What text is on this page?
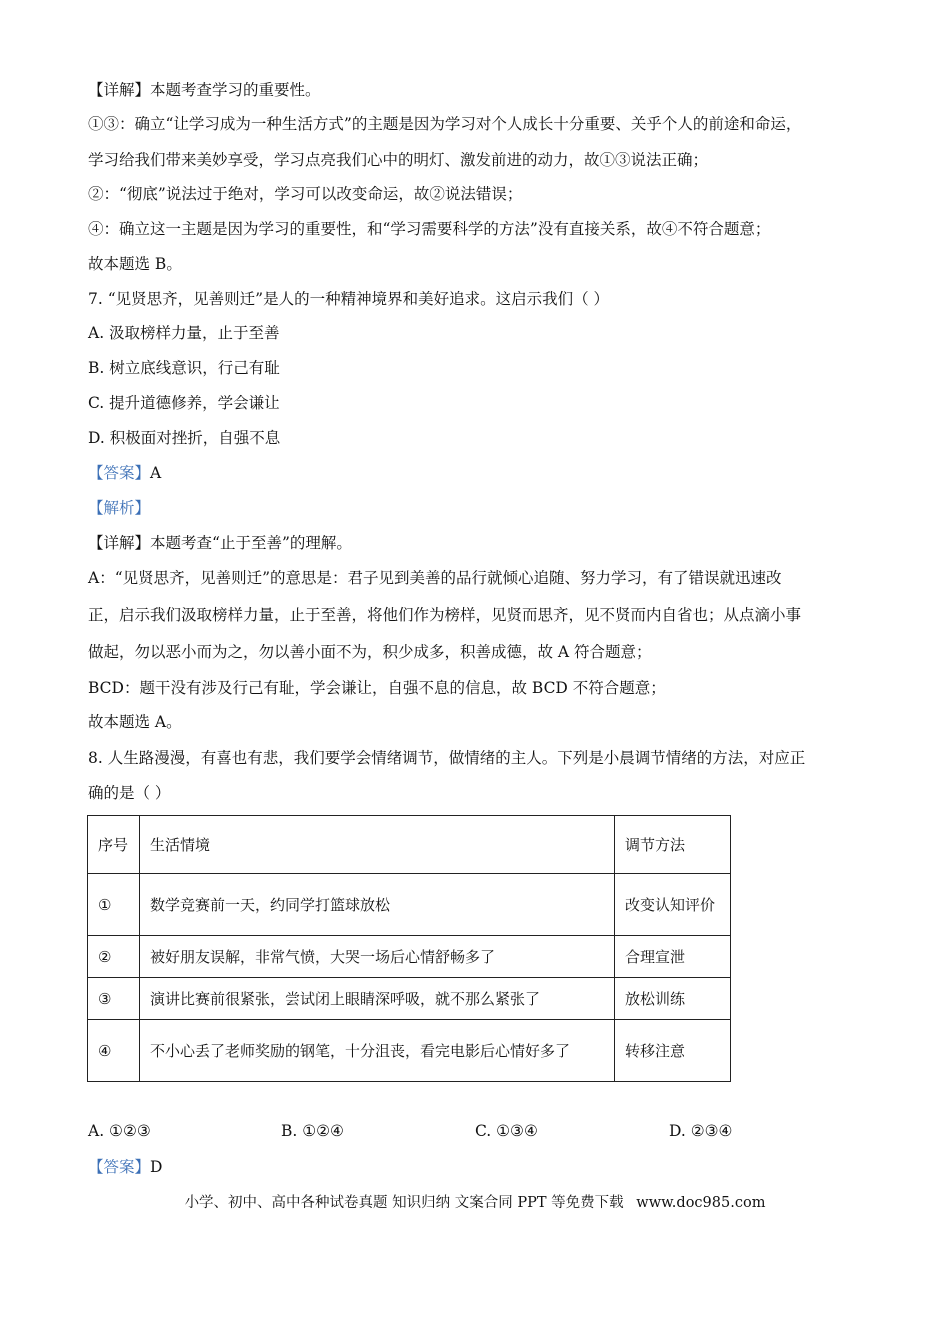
【详解】本题考查学习的重要性。
①③：确立“让学习成为一种生活方式”的主题是因为学习对个人成长十分重要、关乎个人的前途和命运，
学习给我们带来美妙享受，学习点亮我们心中的明灯、激发前进的动力，故①③说法正确；
②：“彻底”说法过于绝对，学习可以改变命运，故②说法错误；
④：确立这一主题是因为学习的重要性，和“学习需要科学的方法”没有直接关系，故④不符合题意；
故本题选 B。
7. “见贤思齐，见善则迁”是人的一种精神境界和美好追求。这启示我们（ ）
A. 汲取榜样力量，止于至善
B. 树立底线意识，行己有耻
C. 提升道德修养，学会谦让
D. 积极面对挫折，自强不息
【答案】A
【解析】
【详解】本题考查“止于至善”的理解。
A：“见贤思齐，见善则迁”的意思是：君子见到美善的品行就倾心追随、努力学习，有了错误就迅速改
正，启示我们汲取榜样力量，止于至善，将他们作为榜样，见贤而思齐，见不贤而内自省也；从点滴小事
做起，勿以恶小而为之，勿以善小面不为，积少成多，积善成德，故 A 符合题意；
BCD：题干没有涉及行己有耻，学会谦让，自强不息的信息，故 BCD 不符合题意；
故本题选 A。
8. 人生路漫漫，有喜也有悲，我们要学会情绪调节，做情绪的主人。下列是小晨调节情绪的方法，对应正
确的是（ ）
序号	生活情境	调节方法
①	数学竞赛前一天，约同学打篮球放松	改变认知评价
②	被好朋友误解，非常气愤，大哭一场后心情舒畅多了	合理宣泄
③	演讲比赛前很紧张，尝试闭上眼睛深呼吸，就不那么紧张了	放松训练
④	不小心丢了老师奖励的钢笔，十分沮丧，看完电影后心情好多了	转移注意
A. ①②③	B. ①②④	C. ①③④	D. ②③④
【答案】D
小学、初中、高中各种试卷真题 知识归纳 文案合同 PPT 等免费下载 www.doc985.com
